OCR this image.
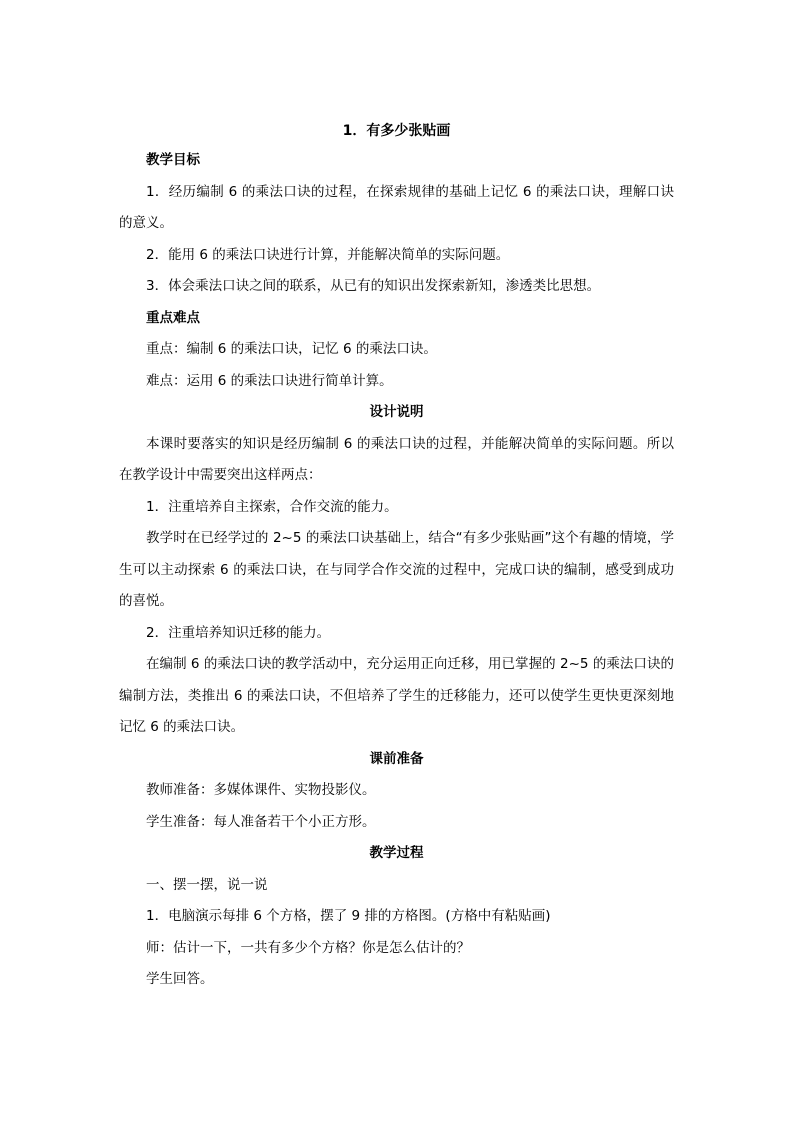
1．有多少张贴画
教学目标

1．经历编制 6 的乘法口诀的过程，在探索规律的基础上记忆 6 的乘法口诀，理解口诀的意义。

2．能用 6 的乘法口诀进行计算，并能解决简单的实际问题。

3．体会乘法口诀之间的联系，从已有的知识出发探索新知，渗透类比思想。

重点难点

重点：编制 6 的乘法口诀，记忆 6 的乘法口诀。

难点：运用 6 的乘法口诀进行简单计算。

设计说明

本课时要落实的知识是经历编制 6 的乘法口诀的过程，并能解决简单的实际问题。所以在教学设计中需要突出这样两点：

1．注重培养自主探索，合作交流的能力。

教学时在已经学过的 2~5 的乘法口诀基础上，结合“有多少张贴画”这个有趣的情境，学生可以主动探索 6 的乘法口诀，在与同学合作交流的过程中，完成口诀的编制，感受到成功的喜悦。

2．注重培养知识迁移的能力。

在编制 6 的乘法口诀的教学活动中，充分运用正向迁移，用已掌握的 2~5 的乘法口诀的编制方法，类推出 6 的乘法口诀，不但培养了学生的迁移能力，还可以使学生更快更深刻地记忆 6 的乘法口诀。

课前准备

教师准备：多媒体课件、实物投影仪。

学生准备：每人准备若干个小正方形。

教学过程

一、摆一摆，说一说

1．电脑演示每排 6 个方格，摆了 9 排的方格图。(方格中有粘贴画)

师：估计一下，一共有多少个方格？你是怎么估计的？

学生回答。
